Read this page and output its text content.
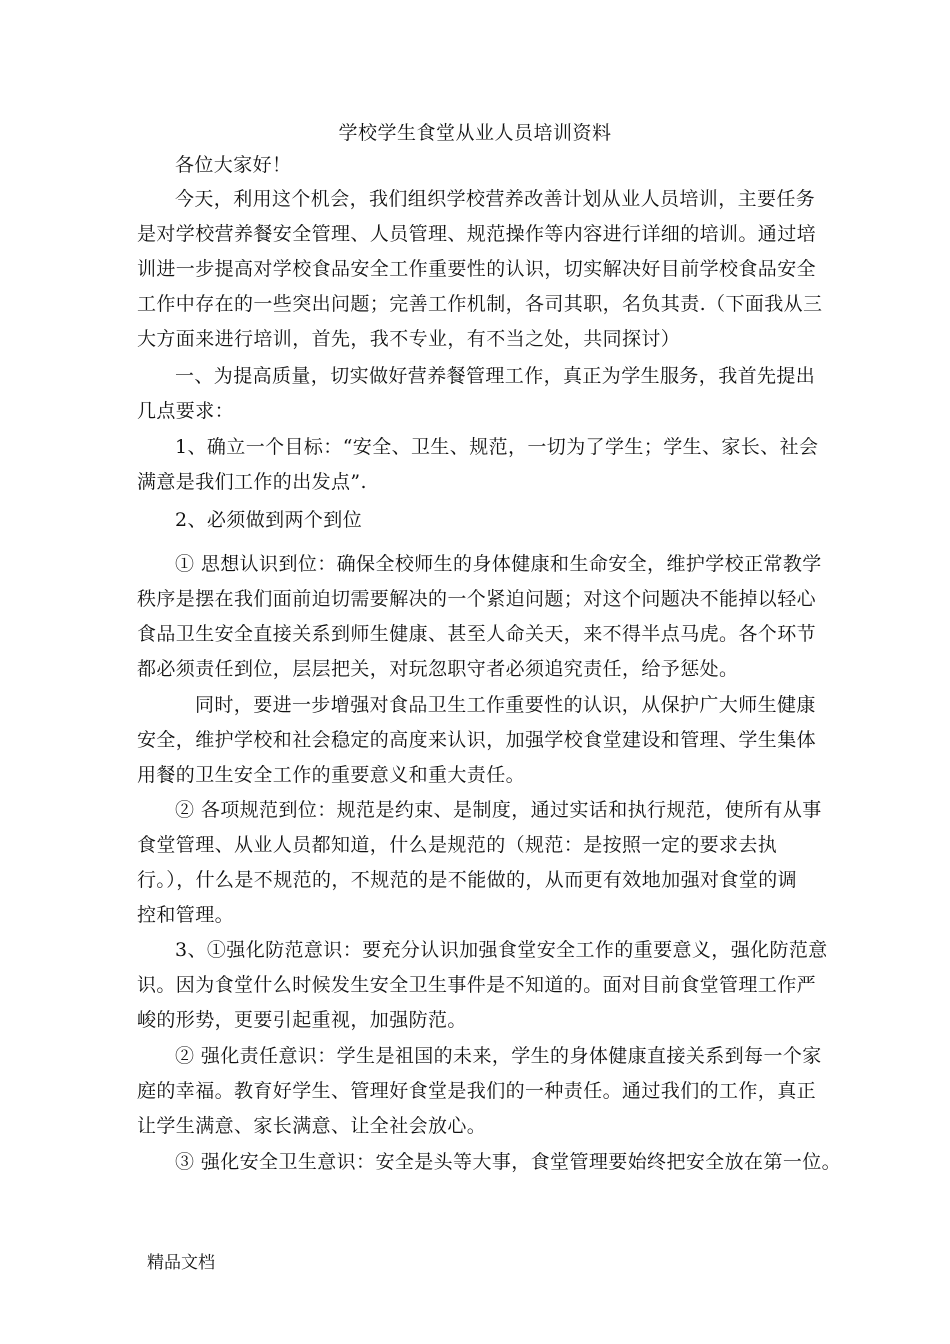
学校学生食堂从业人员培训资料
各位大家好！
今天，利用这个机会，我们组织学校营养改善计划从业人员培训，主要任务
是对学校营养餐安全管理、人员管理、规范操作等内容进行详细的培训。通过培
训进一步提高对学校食品安全工作重要性的认识，切实解决好目前学校食品安全
工作中存在的一些突出问题；完善工作机制，各司其职，名负其责.（下面我从三
大方面来进行培训，首先，我不专业，有不当之处，共同探讨）
一、为提高质量，切实做好营养餐管理工作，真正为学生服务，我首先提出
几点要求：
1、确立一个目标：“安全、卫生、规范，一切为了学生；学生、家长、社会
满意是我们工作的出发点”.
2、必须做到两个到位
① 思想认识到位：确保全校师生的身体健康和生命安全，维护学校正常教学
秩序是摆在我们面前迫切需要解决的一个紧迫问题；对这个问题决不能掉以轻心
食品卫生安全直接关系到师生健康、甚至人命关天，来不得半点马虎。各个环节
都必须责任到位，层层把关，对玩忽职守者必须追究责任，给予惩处。
同时，要进一步增强对食品卫生工作重要性的认识，从保护广大师生健康
安全，维护学校和社会稳定的高度来认识，加强学校食堂建设和管理、学生集体
用餐的卫生安全工作的重要意义和重大责任。
② 各项规范到位：规范是约束、是制度，通过实话和执行规范，使所有从事
食堂管理、从业人员都知道，什么是规范的（规范：是按照一定的要求去执
行。），什么是不规范的，不规范的是不能做的，从而更有效地加强对食堂的调
控和管理。
3、①强化防范意识：要充分认识加强食堂安全工作的重要意义，强化防范意
识。因为食堂什么时候发生安全卫生事件是不知道的。面对目前食堂管理工作严
峻的形势，更要引起重视，加强防范。
② 强化责任意识：学生是祖国的未来，学生的身体健康直接关系到每一个家
庭的幸福。教育好学生、管理好食堂是我们的一种责任。通过我们的工作，真正
让学生满意、家长满意、让全社会放心。
③ 强化安全卫生意识：安全是头等大事，食堂管理要始终把安全放在第一位。
精品文档
